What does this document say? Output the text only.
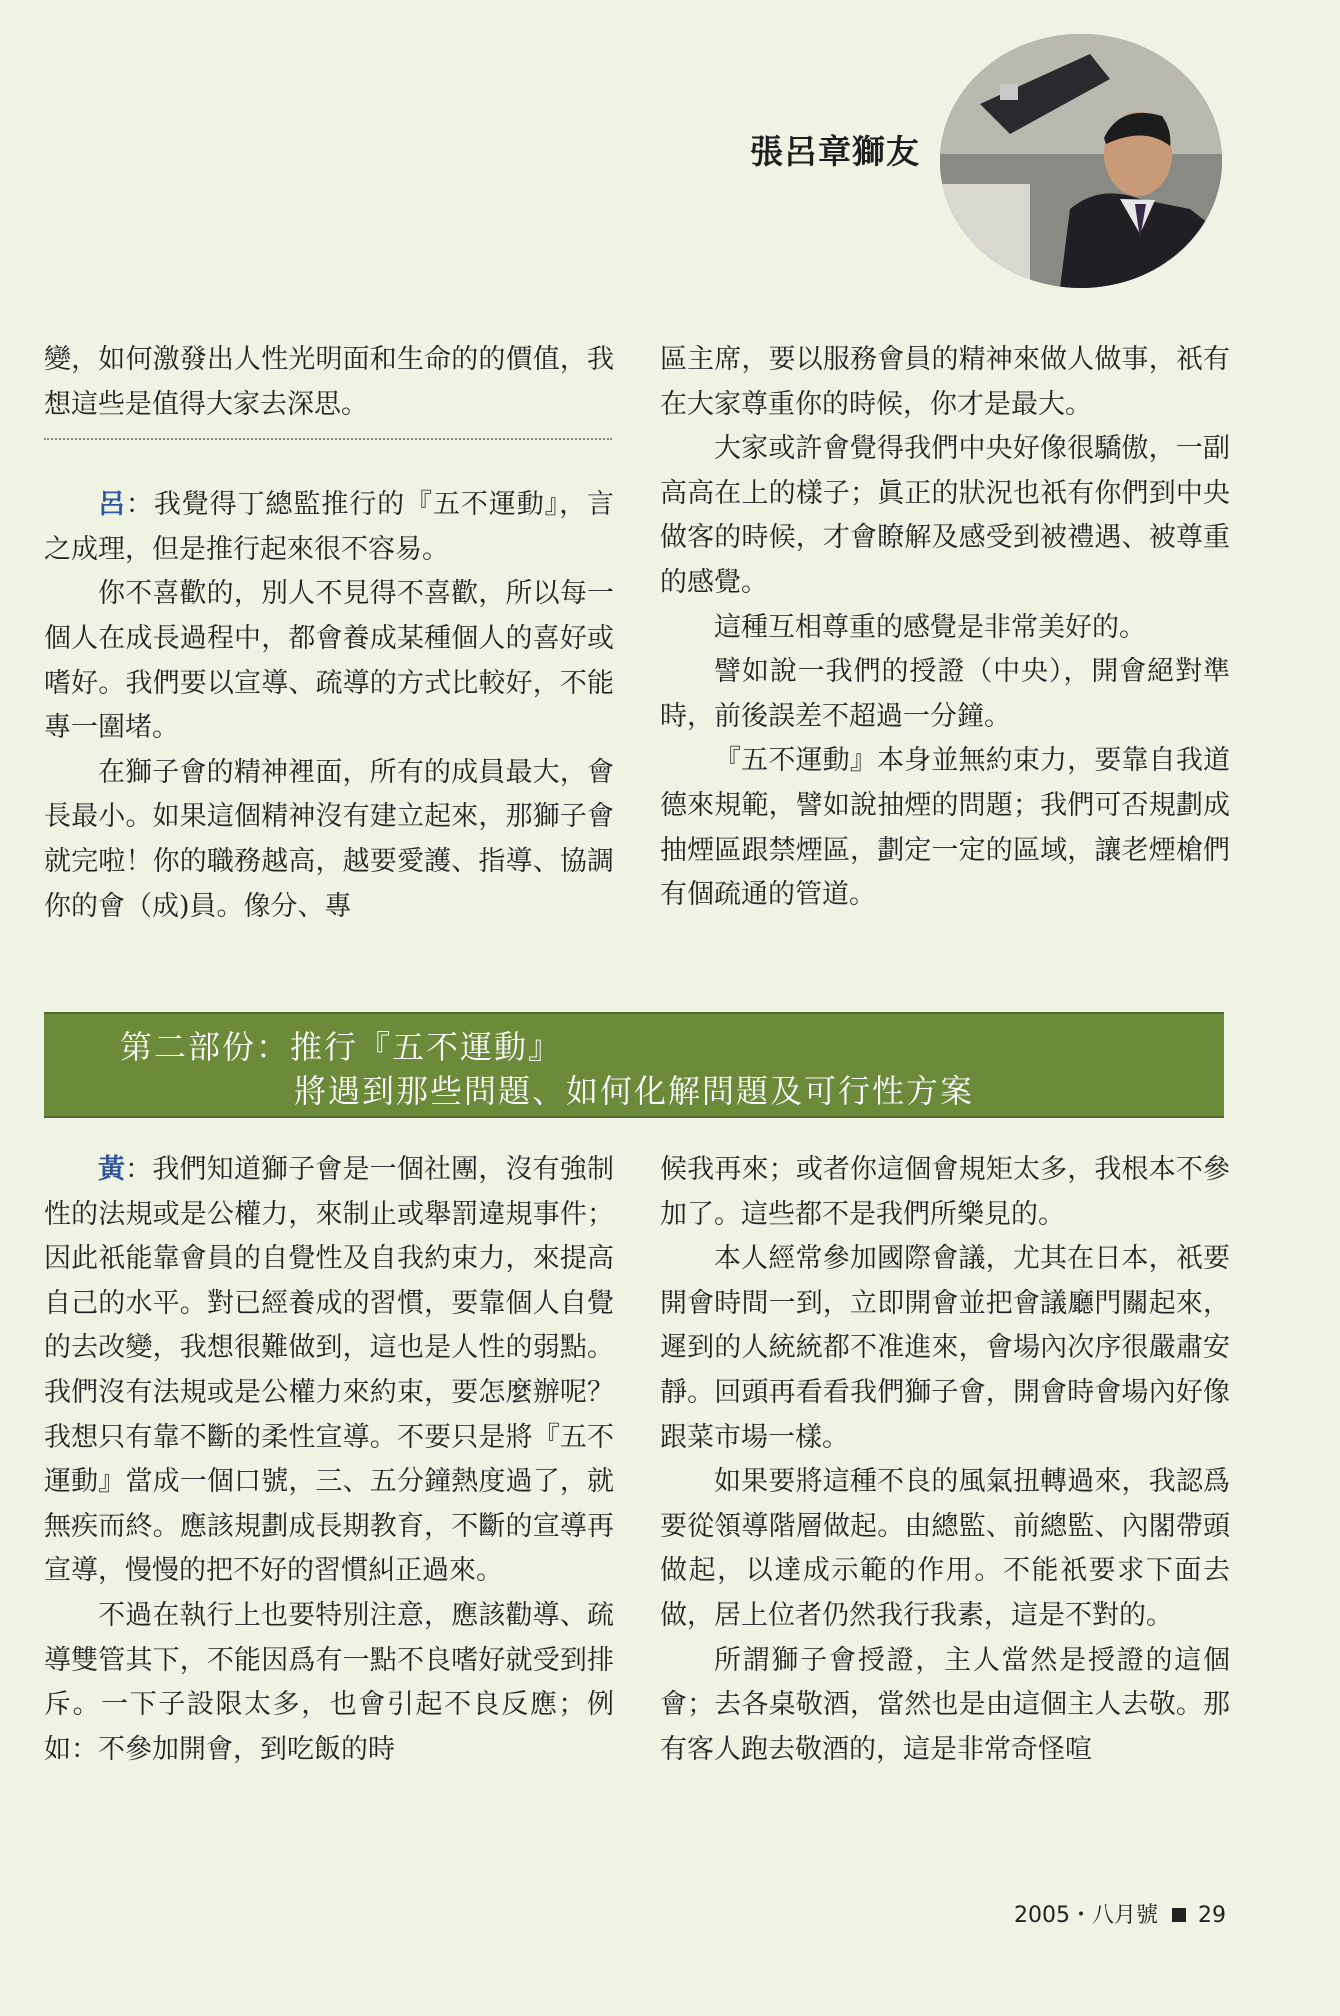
張呂章獅友

變，如何激發出人性光明面和生命的的價值，我想這些是值得大家去深思。

呂：我覺得丁總監推行的『五不運動』，言之成理，但是推行起來很不容易。

你不喜歡的，別人不見得不喜歡，所以每一個人在成長過程中，都會養成某種個人的喜好或嗜好。我們要以宣導、疏導的方式比較好，不能專一圍堵。

在獅子會的精神裡面，所有的成員最大，會長最小。如果這個精神沒有建立起來，那獅子會就完啦！你的職務越高，越要愛護、指導、協調你的會（成)員。像分、專

區主席，要以服務會員的精神來做人做事，祇有在大家尊重你的時候，你才是最大。

大家或許會覺得我們中央好像很驕傲，一副高高在上的樣子；眞正的狀況也祇有你們到中央做客的時候，才會瞭解及感受到被禮遇、被尊重的感覺。

這種互相尊重的感覺是非常美好的。

譬如說一我們的授證（中央），開會絕對準時，前後誤差不超過一分鐘。

『五不運動』本身並無約束力，要靠自我道德來規範，譬如說抽煙的問題；我們可否規劃成抽煙區跟禁煙區，劃定一定的區域，讓老煙槍們有個疏通的管道。

第二部份：推行『五不運動』
將遇到那些問題、如何化解問題及可行性方案

黃：我們知道獅子會是一個社團，沒有強制性的法規或是公權力，來制止或舉罰違規事件；因此祇能靠會員的自覺性及自我約束力，來提高自己的水平。對已經養成的習慣，要靠個人自覺的去改變，我想很難做到，這也是人性的弱點。我們沒有法規或是公權力來約束，要怎麼辦呢？我想只有靠不斷的柔性宣導。不要只是將『五不運動』當成一個口號，三、五分鐘熱度過了，就無疾而終。應該規劃成長期教育，不斷的宣導再宣導，慢慢的把不好的習慣糾正過來。

不過在執行上也要特別注意，應該勸導、疏導雙管其下，不能因爲有一點不良嗜好就受到排斥。一下子設限太多，也會引起不良反應；例如：不參加開會，到吃飯的時

候我再來；或者你這個會規矩太多，我根本不參加了。這些都不是我們所樂見的。

本人經常參加國際會議，尤其在日本，祇要開會時間一到，立即開會並把會議廳門關起來，遲到的人統統都不准進來，會場內次序很嚴肅安靜。回頭再看看我們獅子會，開會時會場內好像跟菜市場一樣。

如果要將這種不良的風氣扭轉過來，我認爲要從領導階層做起。由總監、前總監、內閣帶頭做起，以達成示範的作用。不能祇要求下面去做，居上位者仍然我行我素，這是不對的。

所謂獅子會授證，主人當然是授證的這個會；去各桌敬酒，當然也是由這個主人去敬。那有客人跑去敬酒的，這是非常奇怪喧

2005・八月號 29
